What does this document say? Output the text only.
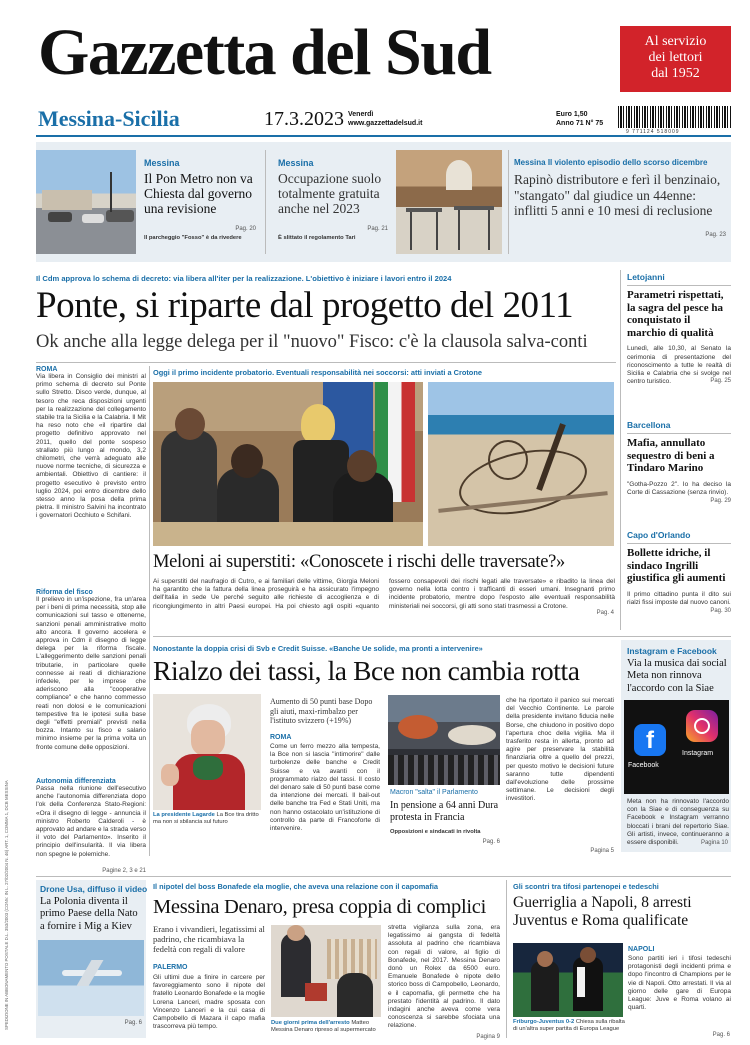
Gazzetta del Sud	Al servizio
dei lettori
dal 1952
Messina-Sicilia	17.3.2023 Venerdì
www.gazzettadelsud.it
Euro 1,50
Anno 71 N° 75
9 771124 518009
Messina
Il Pon Metro non va Chiesta dal governo una revisione
Il parcheggio "Fosso" è da rivedere
Pag. 20
Messina
Occupazione suolo totalmente gratuita anche nel 2023
È slittato il regolamento Tari
Pag. 21
Messina Il violento episodio dello scorso dicembre
Rapinò distributore e ferì il benzinaio, "stangato" dal giudice un 44enne: inflitti 5 anni e 10 mesi di reclusione
Pag. 23
Il Cdm approva lo schema di decreto: via libera all'iter per la realizzazione. L'obiettivo è iniziare i lavori entro il 2024
Ponte, si riparte dal progetto del 2011
Ok anche alla legge delega per il "nuovo" Fisco: c'è la clausola salva-conti
ROMA
Via libera in Consiglio dei ministri al primo schema di decreto sul Ponte sullo Stretto. Disco verde, dunque, al tesoro che reca disposizioni urgenti per la realizzazione del collegamento stabile tra la Sicilia e la Calabria. Il Mit ha reso noto che «il ripartire dal progetto definitivo approvato nel 2011, quello del ponte sospeso strallato più lungo al mondo, 3,2 chilometri, che verrà adeguato alle nuove norme tecniche, di sicurezza e ambientali. Obiettivo di cantiere: il progetto esecutivo è previsto entro luglio 2024, poi entro dicembre dello stesso anno la posa della prima pietra. Il ministro Salvini ha incontrato i governatori Occhiuto e Schifani.
Riforma del fisco
Il prelievo in un'ispezione, fra un'area per i beni di prima necessità, stop alle comunicazioni sul tasso e ottenerne, sanzioni penali amministrative molto alto ancora. Il governo accelera e approva in Cdm il disegno di legge delega per la riforma fiscale. L'alleggerimento delle sanzioni penali tributarie, in particolare quelle connesse ai reati di dichiarazione infedele, per le imprese che aderiscono alla "cooperative compliance" e che hanno commesso reati non dolosi e le comunicazioni tempestive fra le ipotesi sulla base degli "effetti premiali" previsti nella bozza. Intanto su fisco e salario minimo insieme per la prima volta un fronte comune delle opposizioni.
Autonomia differenziata
Passa nella riunione dell'esecutivo anche l'autonomia differenziata dopo l'ok della Conferenza Stato-Regioni: «Ora il disegno di legge - annuncia il ministro Roberto Calderoli - è approvato ad andare e la strada verso il voto del Parlamento». Inserito il principio dell'insularità. Il via libera non spegne le polemiche.
Pagine 2, 3 e 21
Oggi il primo incidente probatorio. Eventuali responsabilità nei soccorsi: atti inviati a Crotone
Meloni ai superstiti: «Conoscete i rischi delle traversate?»
Ai superstiti del naufragio di Cutro, e ai familiari delle vittime, Giorgia Meloni ha garantito che la fattura della linea proseguirà e ha assicurato l'impegno dell'Italia in sede Ue perché seguito alle richieste di accoglienza e di ricongiungimento in altri Paesi europei. Ha poi chiesto agli ospiti «quanto fossero consapevoli dei rischi legati alle traversate» e ribadito la linea del governo nella lotta contro i trafficanti di esseri umani. Insegnanti primo incidente probatorio, mentre dopo l'esposto alle eventuali responsabilità ministeriali nei soccorsi, gli atti sono stati trasmessi a Crotone.
Pag. 4
Letojanni
Parametri rispettati, la sagra del pesce ha conquistato il marchio di qualità
Lunedì, alle 10,30, al Senato la cerimonia di presentazione del riconoscimento a tutte le realtà di Sicilia e Calabria che si svolge nel centro turistico.	Pag. 25
Barcellona
Mafia, annullato sequestro di beni a Tindaro Marino
"Gotha-Pozzo 2". Io ha deciso la Corte di Cassazione (senza rinvio).
Pag. 29
Capo d'Orlando
Bollette idriche, il sindaco Ingrilli giustifica gli aumenti
Il primo cittadino punta il dito sui rialzi fissi imposte dal nuovo canoni.
Pag. 30
Nonostante la doppia crisi di Svb e Credit Suisse. «Banche Ue solide, ma pronti a intervenire»
Rialzo dei tassi, la Bce non cambia rotta
La presidente Lagarde La Bce tira dritto ma non si sbilancia sul futuro
Aumento di 50 punti base Dopo gli aiuti, maxi-rimbalzo per l'istituto svizzero (+19%)
ROMA
Come un ferro mezzo alla tempesta, la Bce non si lascia "intimorire" dalle turbolenze delle banche e Credit Suisse e va avanti con il programmato rialzo del tassi. Il costo del denaro sale di 50 punti base come da intenzione dei mercati. Il bail-out delle banche tra Fed e Stati Uniti, ma non hanno ostacolato un'istituzione di controllo da parte di Francoforte di intervenire.
Macron "salta" il Parlamento
In pensione a 64 anni Dura protesta in Francia
Opposizioni e sindacati in rivolta
Pag. 6
che ha riportato il panico sui mercati del Vecchio Continente. Le parole della presidente invitano fiducia nelle Borse, che chiudono in positivo dopo l'apertura choc della vigilia. Ma il trasferito resta in allerta, pronto ad agire per preservare la stabilità finanziaria oltre a quello del prezzi, per questo motivo le decisioni future saranno tutte dipendenti dall'evoluzione delle prossime settimane. Le decisioni degli investitori.
Pagina 5
Instagram e Facebook
Via la musica dai social Meta non rinnova l'accordo con la Siae
f
Facebook
Instagram
Meta non ha rinnovato l'accordo con la Siae e di conseguenza su Facebook e Instagram verranno bloccati i brani del repertorio Siae. Gli artisti, invece, continueranno a essere disponibili.	Pagina 10
Drone Usa, diffuso il video
La Polonia diventa il primo Paese della Nato a fornire i Mig a Kiev
Pag. 6
Il nipotel del boss Bonafede ela moglie, che aveva una relazione con il capomafia
Messina Denaro, presa coppia di complici
Erano i vivandieri, legatissimi al padrino, che ricambiava la fedeltà con regali di valore
PALERMO
Gli ultimi due a finire in carcere per favoreggiamento sono il nipote del fratello Leonardo Bonafede e la moglie Lorena Lanceri, madre sposata con Vincenzo Lanceri e la cui casa di Campobello di Mazara il capo mafia trascorreva più tempo.
Due giorni prima dell'arresto Matteo Messina Denaro ripreso al supermercato
stretta vigilanza sulla zona, era legatissimo ai gangsta di fedeltà assoluta al padrino che ricambiava con regali di valore, al figlio di Bonafede, nel 2017. Messina Denaro donò un Rolex da 6500 euro. Emanuele Bonafede è nipote dello storico boss di Campobello, Leonardo, e il capomafia, gli permette che ha prestato l'identità al padrino. Il dato indagini anche aveva come vera conoscenza si sarebbe sfociata una relazione.
Pagina 9
Gli scontri tra tifosi partenopei e tedeschi
Guerriglia a Napoli, 8 arresti Juventus e Roma qualificate
Friburgo-Juventus 0-2 Chiesa sulla ribalta di un'altra super partita di Europa League
NAPOLI
Sono partiti ieri i tifosi tedeschi protagonisti degli incidenti prima e dopo l'incontro di Champions per le vie di Napoli. Otto arrestati. Il via al giorno delle gare di Europa League: Juve e Roma volano ai quarti.
Pag. 6
SPEDIZIONE IN ABBONAMENTO POSTALE D.L. 353/2003 (CONV. IN L. 27/02/2004 N. 46) ART. 1, COMMA 1, DCB MESSINA
